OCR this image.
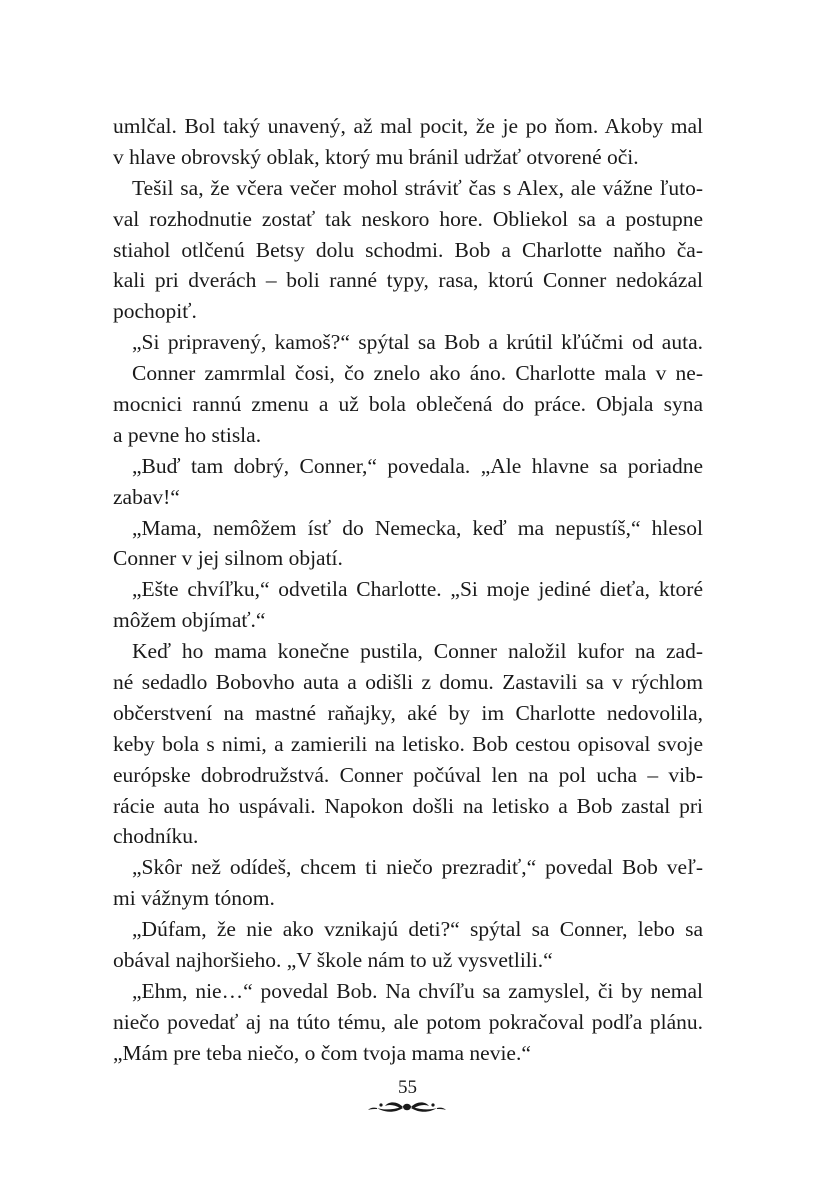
umlčal. Bol taký unavený, až mal pocit, že je po ňom. Akoby mal
v hlave obrovský oblak, ktorý mu bránil udržať otvorené oči.
Tešil sa, že včera večer mohol stráviť čas s Alex, ale vážne ľuto-
val rozhodnutie zostať tak neskoro hore. Obliekol sa a postupne
stiahol otlčenú Betsy dolu schodmi. Bob a Charlotte naňho ča-
kali pri dverách – boli ranné typy, rasa, ktorú Conner nedokázal
pochopiť.
„Si pripravený, kamoš?“ spýtal sa Bob a krútil kľúčmi od auta.
Conner zamrmlal čosi, čo znelo ako áno. Charlotte mala v ne-
mocnici rannú zmenu a už bola oblečená do práce. Objala syna
a pevne ho stisla.
„Buď tam dobrý, Conner,“ povedala. „Ale hlavne sa poriadne
zabav!“
„Mama, nemôžem ísť do Nemecka, keď ma nepustíš,“ hlesol
Conner v jej silnom objatí.
„Ešte chvíľku,“ odvetila Charlotte. „Si moje jediné dieťa, ktoré
môžem objímať.“
Keď ho mama konečne pustila, Conner naložil kufor na zad-
né sedadlo Bobovho auta a odišli z domu. Zastavili sa v rýchlom
občerstvení na mastné raňajky, aké by im Charlotte nedovolila,
keby bola s nimi, a zamierili na letisko. Bob cestou opisoval svoje
európske dobrodružstvá. Conner počúval len na pol ucha – vib-
rácie auta ho uspávali. Napokon došli na letisko a Bob zastal pri
chodníku.
„Skôr než odídeš, chcem ti niečo prezradiť,“ povedal Bob veľ-
mi vážnym tónom.
„Dúfam, že nie ako vznikajú deti?“ spýtal sa Conner, lebo sa
obával najhoršieho. „V škole nám to už vysvetlili.“
„Ehm, nie…“ povedal Bob. Na chvíľu sa zamyslel, či by nemal
niečo povedať aj na túto tému, ale potom pokračoval podľa plánu.
„Mám pre teba niečo, o čom tvoja mama nevie.“
55
